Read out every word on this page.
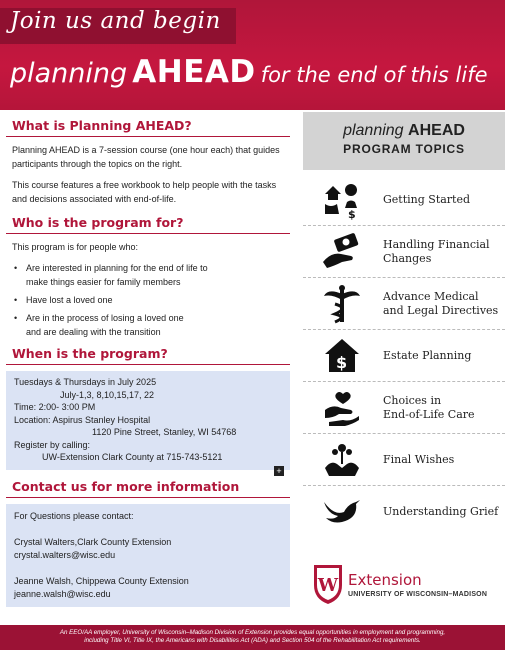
Join us and begin
planning AHEAD for the end of this life
What is Planning AHEAD?

Planning AHEAD is a 7-session course (one hour each) that guides participants through the topics on the right.

This course features a free workbook to help people with the tasks and decisions associated with end-of-life.

Who is the program for?

This program is for people who:

• Are interested in planning for the end of life to
make things easier for family members
• Have lost a loved one
• Are in the process of losing a loved one
and are dealing with the transition
When is the program?
Tuesdays & Thursdays in July 2025
July-1,3, 8,10,15,17, 22
Time: 2:00- 3:00 PM
Location: Aspirus Stanley Hospital
1120 Pine Street, Stanley, WI 54768
Register by calling:
UW-Extension Clark County at 715-743-5121
+
Contact us for more information
For Questions please contact:
Crystal Walters,Clark County Extension
crystal.walters@wisc.edu
Jeanne Walsh, Chippewa County Extension
jeanne.walsh@wisc.edu
planning AHEAD
PROGRAM TOPICS
$
Getting Started
Handling Financial
Changes
Advance Medical
and Legal Directives
$	Estate Planning
Choices in
End-of-Life Care
Final Wishes
Understanding Grief
W Extension
UNIVERSITY OF WISCONSIN–MADISON
An EEO/AA employer, University of Wisconsin–Madison Division of Extension provides equal opportunities in employment and programming,
including Title VI, Title IX, the Americans with Disabilities Act (ADA) and Section 504 of the Rehabilitation Act requirements.
